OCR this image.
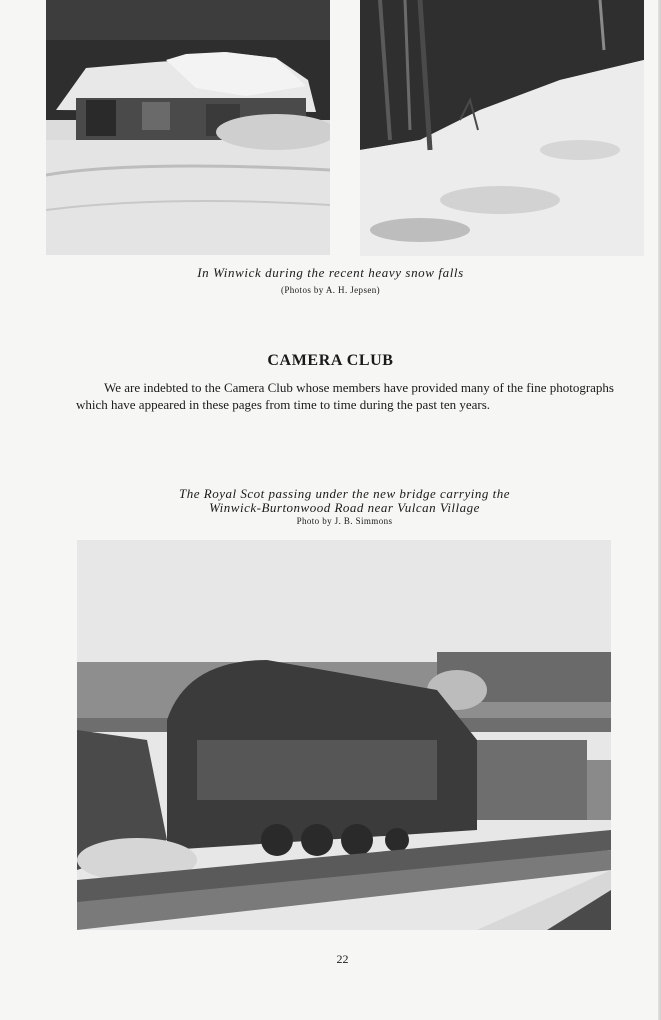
In Winwick during the recent heavy snow falls
(Photos by A. H. Jepsen)
CAMERA CLUB

We are indebted to the Camera Club whose members have provided many of the fine photographs which have appeared in these pages from time to time during the past ten years.

The Royal Scot passing under the new bridge carrying the
Winwick-Burtonwood Road near Vulcan Village
Photo by J. B. Simmons
22
